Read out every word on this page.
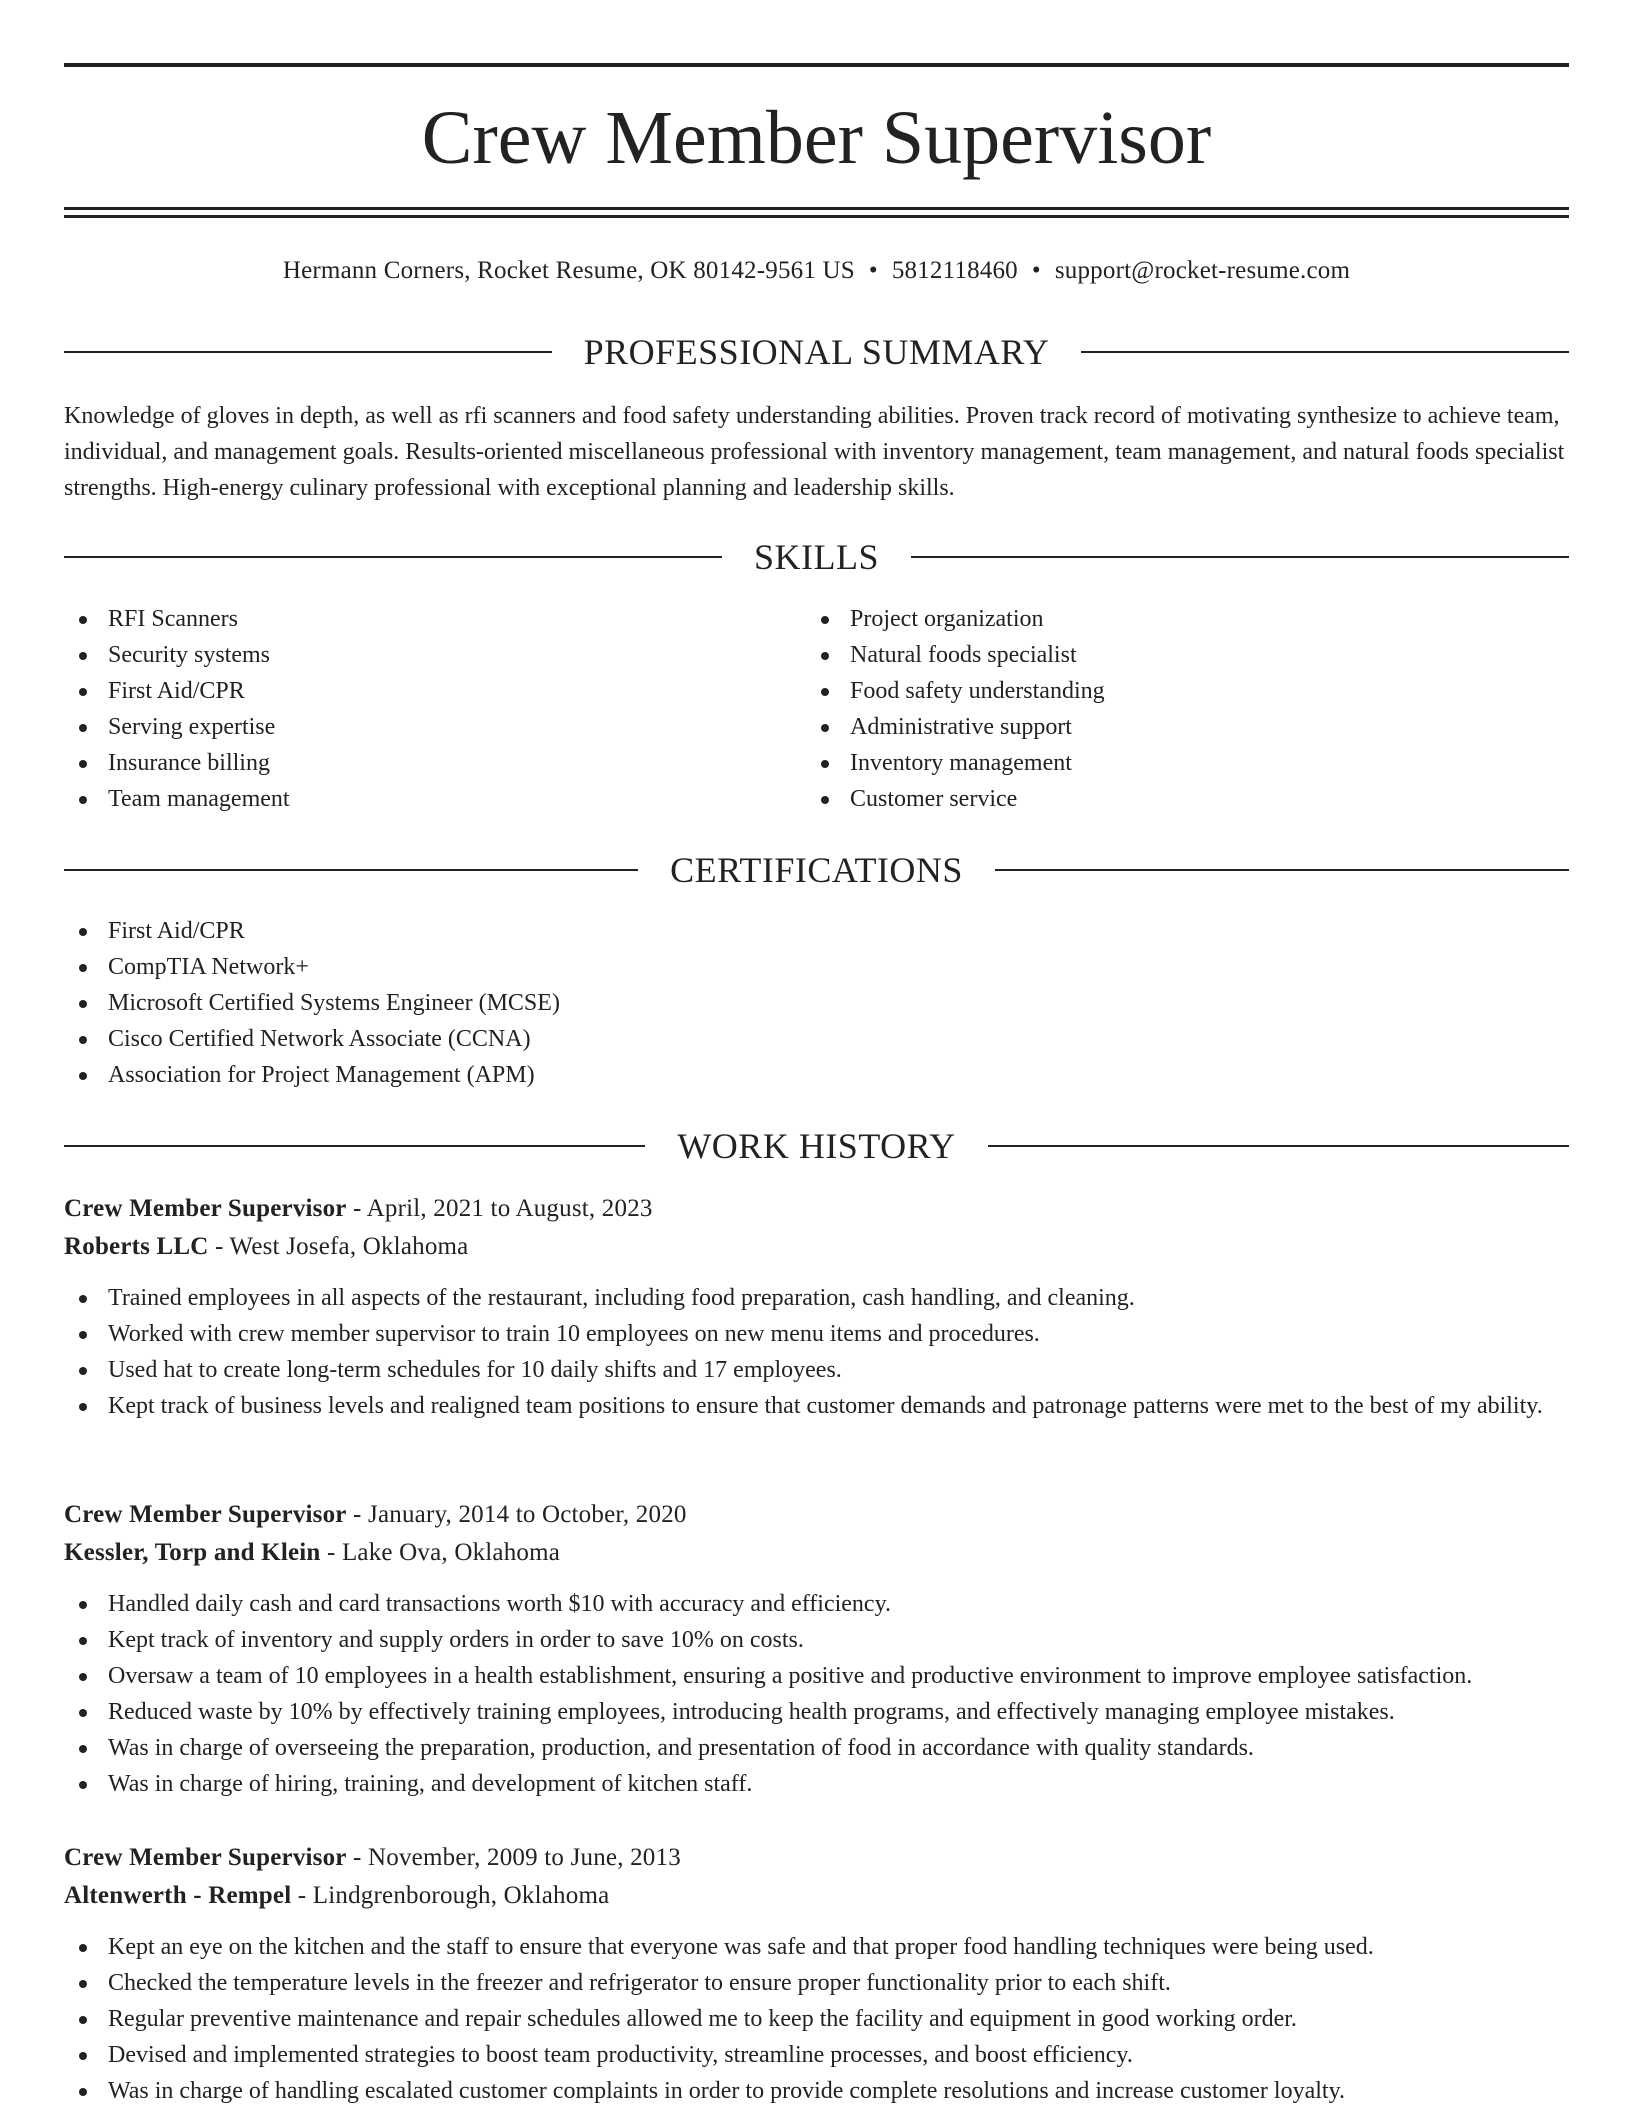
Crew Member Supervisor
Hermann Corners, Rocket Resume, OK 80142-9561 US • 5812118460 • support@rocket-resume.com
PROFESSIONAL SUMMARY

Knowledge of gloves in depth, as well as rfi scanners and food safety understanding abilities. Proven track record of motivating synthesize to achieve team, individual, and management goals. Results-oriented miscellaneous professional with inventory management, team management, and natural foods specialist strengths. High-energy culinary professional with exceptional planning and leadership skills.

SKILLS
RFI Scanners
Security systems
First Aid/CPR
Serving expertise
Insurance billing
Team management
Project organization
Natural foods specialist
Food safety understanding
Administrative support
Inventory management
Customer service
CERTIFICATIONS
First Aid/CPR
CompTIA Network+
Microsoft Certified Systems Engineer (MCSE)
Cisco Certified Network Associate (CCNA)
Association for Project Management (APM)
WORK HISTORY
Crew Member Supervisor - April, 2021 to August, 2023
Roberts LLC - West Josefa, Oklahoma
Trained employees in all aspects of the restaurant, including food preparation, cash handling, and cleaning.
Worked with crew member supervisor to train 10 employees on new menu items and procedures.
Used hat to create long-term schedules for 10 daily shifts and 17 employees.
Kept track of business levels and realigned team positions to ensure that customer demands and patronage patterns were met to the best of my ability.
Crew Member Supervisor - January, 2014 to October, 2020
Kessler, Torp and Klein - Lake Ova, Oklahoma
Handled daily cash and card transactions worth $10 with accuracy and efficiency.
Kept track of inventory and supply orders in order to save 10% on costs.
Oversaw a team of 10 employees in a health establishment, ensuring a positive and productive environment to improve employee satisfaction.
Reduced waste by 10% by effectively training employees, introducing health programs, and effectively managing employee mistakes.
Was in charge of overseeing the preparation, production, and presentation of food in accordance with quality standards.
Was in charge of hiring, training, and development of kitchen staff.
Crew Member Supervisor - November, 2009 to June, 2013
Altenwerth - Rempel - Lindgrenborough, Oklahoma
Kept an eye on the kitchen and the staff to ensure that everyone was safe and that proper food handling techniques were being used.
Checked the temperature levels in the freezer and refrigerator to ensure proper functionality prior to each shift.
Regular preventive maintenance and repair schedules allowed me to keep the facility and equipment in good working order.
Devised and implemented strategies to boost team productivity, streamline processes, and boost efficiency.
Was in charge of handling escalated customer complaints in order to provide complete resolutions and increase customer loyalty.
